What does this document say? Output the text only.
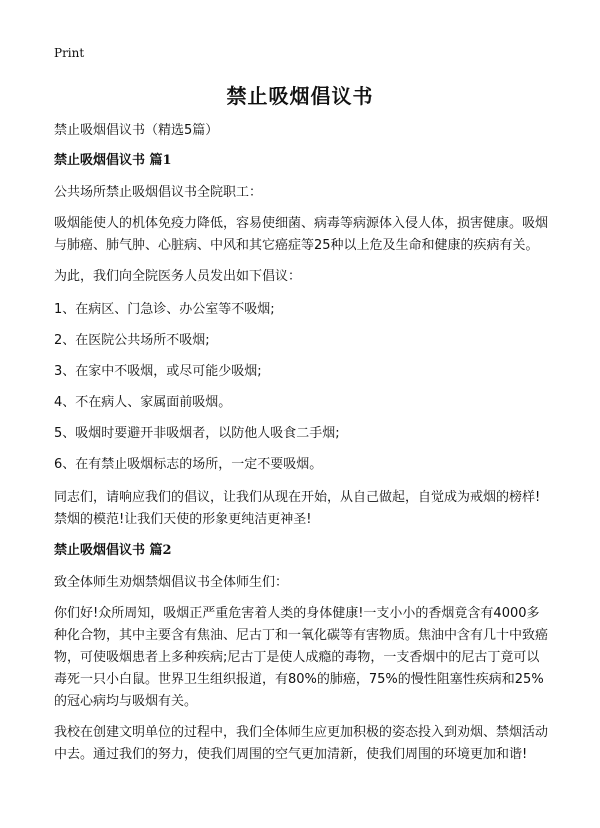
Print
禁止吸烟倡议书

禁止吸烟倡议书（精选5篇）

禁止吸烟倡议书 篇1

公共场所禁止吸烟倡议书全院职工：

吸烟能使人的机体免疫力降低，容易使细菌、病毒等病源体入侵人体，损害健康。吸烟与肺癌、肺气肿、心脏病、中风和其它癌症等25种以上危及生命和健康的疾病有关。

为此，我们向全院医务人员发出如下倡议：

1、在病区、门急诊、办公室等不吸烟;

2、在医院公共场所不吸烟;

3、在家中不吸烟，或尽可能少吸烟;

4、不在病人、家属面前吸烟。

5、吸烟时要避开非吸烟者，以防他人吸食二手烟;

6、在有禁止吸烟标志的场所，一定不要吸烟。

同志们，请响应我们的倡议，让我们从现在开始，从自己做起，自觉成为戒烟的榜样!禁烟的模范!让我们天使的形象更纯洁更神圣!

禁止吸烟倡议书 篇2

致全体师生劝烟禁烟倡议书全体师生们：

你们好!众所周知，吸烟正严重危害着人类的身体健康!一支小小的香烟竟含有4000多种化合物，其中主要含有焦油、尼古丁和一氧化碳等有害物质。焦油中含有几十中致癌物，可使吸烟患者上多种疾病;尼古丁是使人成瘾的毒物，一支香烟中的尼古丁竟可以毒死一只小白鼠。世界卫生组织报道，有80%的肺癌，75%的慢性阻塞性疾病和25%的冠心病均与吸烟有关。

我校在创建文明单位的过程中，我们全体师生应更加积极的姿态投入到劝烟、禁烟活动中去。通过我们的努力，使我们周围的空气更加清新，使我们周围的环境更加和谐!
